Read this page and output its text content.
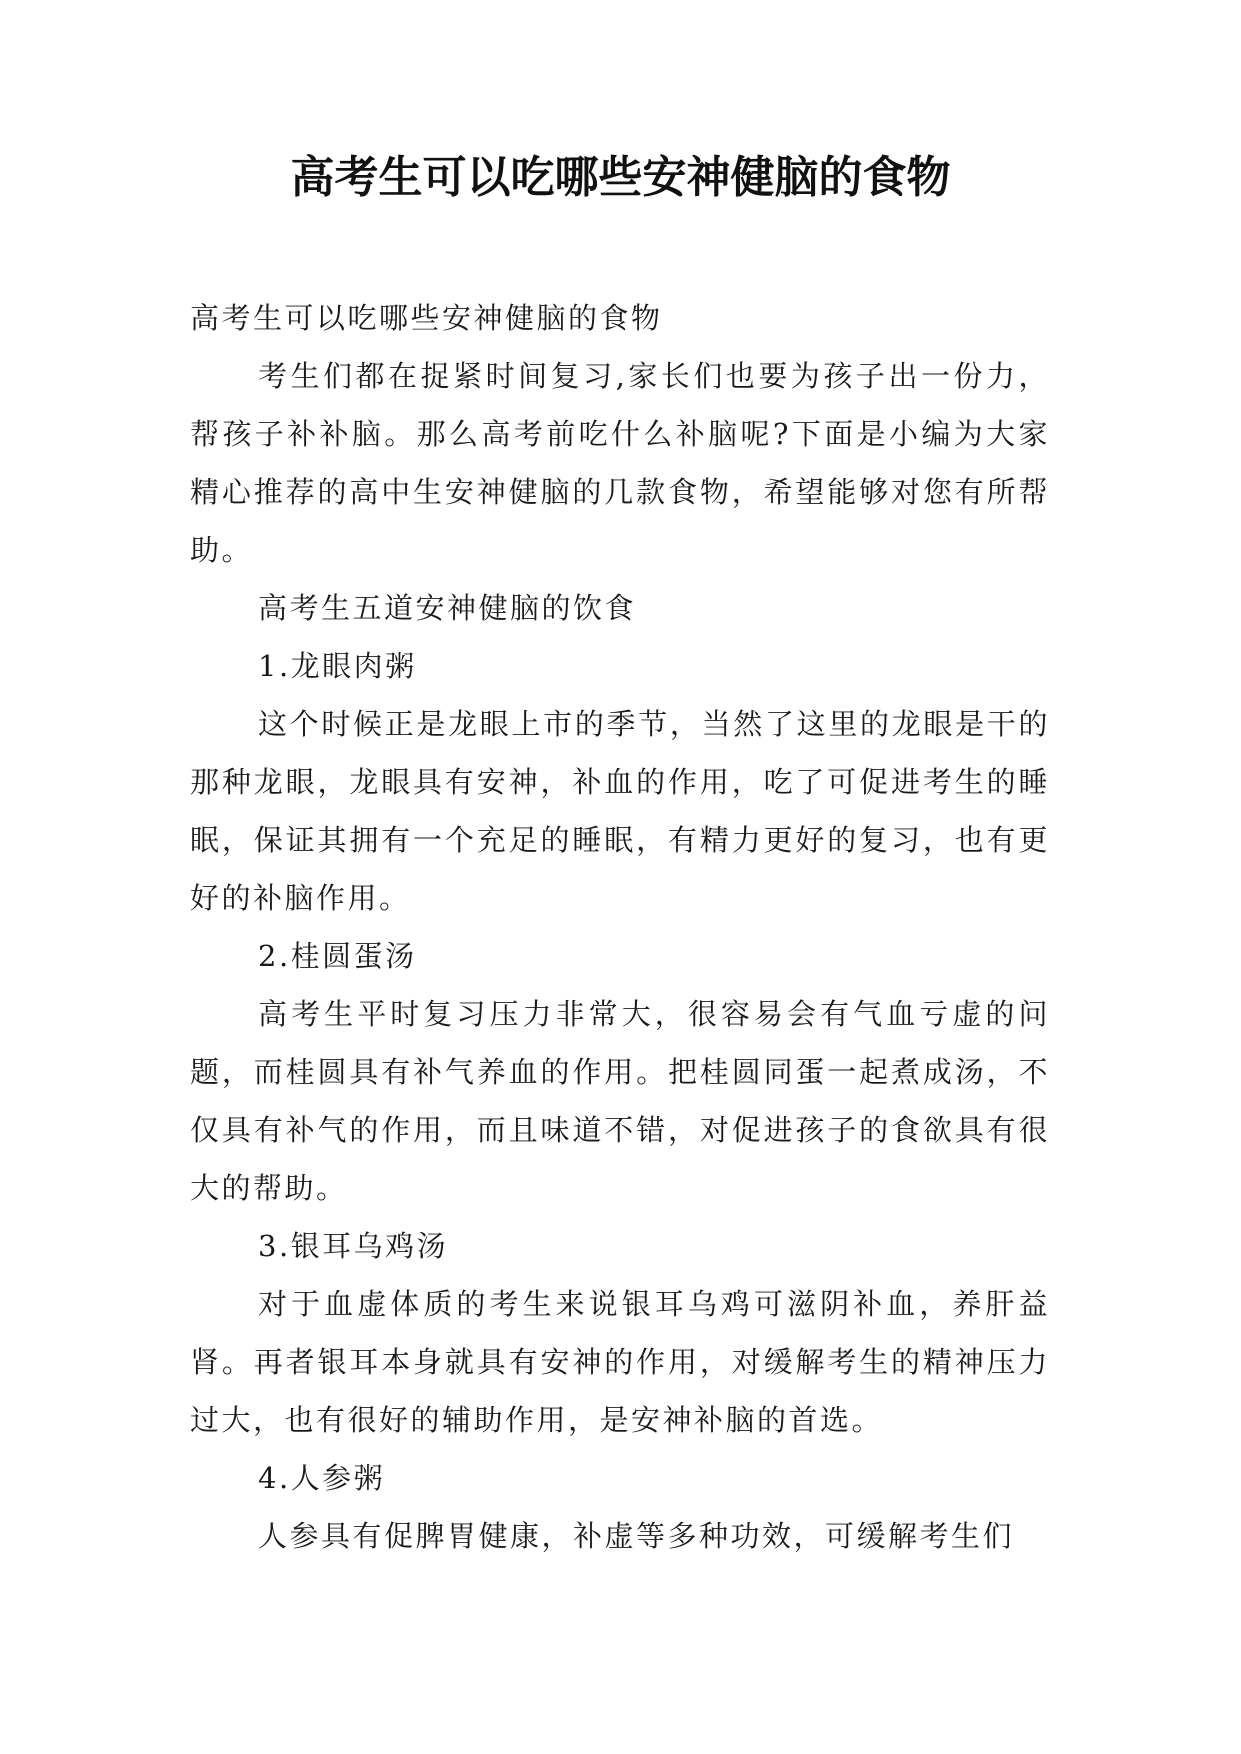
高考生可以吃哪些安神健脑的食物

高考生可以吃哪些安神健脑的食物

考生们都在捉紧时间复习,家长们也要为孩子出一份力，帮孩子补补脑。那么高考前吃什么补脑呢?下面是小编为大家精心推荐的高中生安神健脑的几款食物，希望能够对您有所帮助。

高考生五道安神健脑的饮食

1.龙眼肉粥

这个时候正是龙眼上市的季节，当然了这里的龙眼是干的那种龙眼，龙眼具有安神，补血的作用，吃了可促进考生的睡眠，保证其拥有一个充足的睡眠，有精力更好的复习，也有更好的补脑作用。

2.桂圆蛋汤

高考生平时复习压力非常大，很容易会有气血亏虚的问题，而桂圆具有补气养血的作用。把桂圆同蛋一起煮成汤，不仅具有补气的作用，而且味道不错，对促进孩子的食欲具有很大的帮助。

3.银耳乌鸡汤

对于血虚体质的考生来说银耳乌鸡可滋阴补血，养肝益肾。再者银耳本身就具有安神的作用，对缓解考生的精神压力过大，也有很好的辅助作用，是安神补脑的首选。

4.人参粥

人参具有促脾胃健康，补虚等多种功效，可缓解考生们
